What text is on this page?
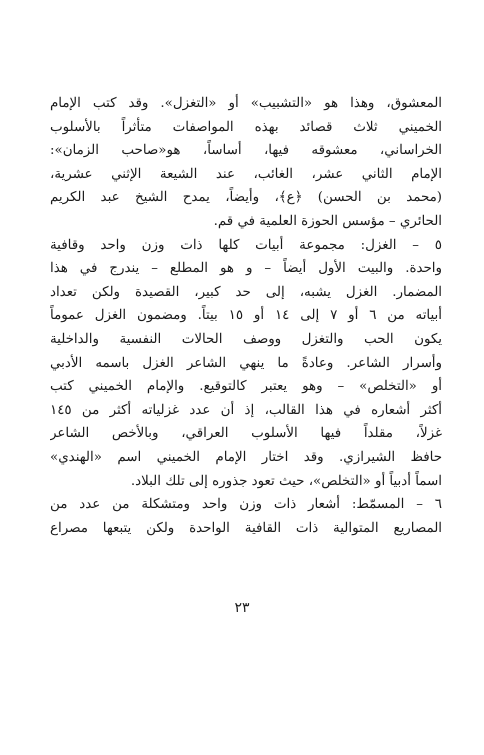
المعشوق، وهذا هو «التشبيب» أو «التغزل». وقد كتب الإمام
الخميني ثلاث قصائد بهذه المواصفات متأثراً بالأسلوب
الخراساني، معشوقه فيها، أساساً، هو«صاحب الزمان»:
الإمام الثاني عشر، الغائب، عند الشيعة الإثني عشرية،
(محمد بن الحسن) ﴿ع﴾، وأيضاً، يمدح الشيخ عبد الكريم
الحائري – مؤسس الحوزة العلمية في قم.
٥ – الغزل: مجموعة أبيات كلها ذات وزن واحد وقافية
واحدة. والبيت الأول أيضاً – و هو المطلع – يندرج في هذا
المضمار. الغزل يشبه، إلى حد كبير، القصيدة ولكن تعداد
أبياته من ٦ أو ٧ إلى ١٤ أو ١٥ بيتاً. ومضمون الغزل عموماً
يكون الحب والتغزل ووصف الحالات النفسية والداخلية
وأسرار الشاعر. وعادةً ما ينهي الشاعر الغزل باسمه الأدبي
أو «التخلص» – وهو يعتبر كالتوقيع. والإمام الخميني كتب
أكثر أشعاره في هذا القالب، إذ أن عدد غزلياته أكثر من ١٤٥
غزلاً، مقلداً فيها الأسلوب العراقي، وبالأخص الشاعر
حافظ الشيرازي. وقد اختار الإمام الخميني اسم «الهندي»
اسماً أدبياً أو «التخلص»، حيث تعود جذوره إلى تلك البلاد.
٦ – المسمّط: أشعار ذات وزن واحد ومتشكلة من عدد من
المصاريع المتوالية ذات القافية الواحدة ولكن يتبعها مصراع
٢٣
